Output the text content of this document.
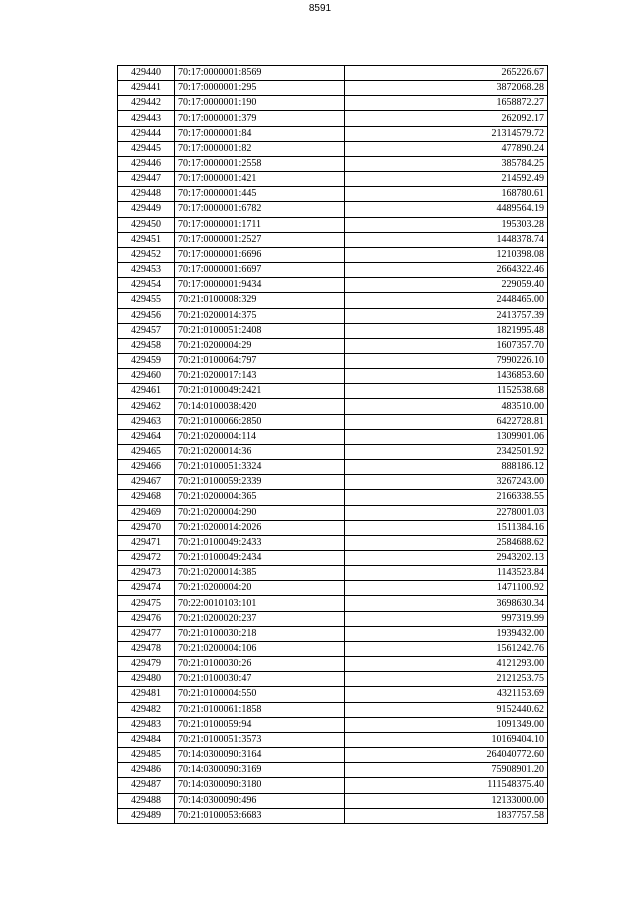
8591
429440	70:17:0000001:8569	265226.67
429441	70:17:0000001:295	3872068.28
429442	70:17:0000001:190	1658872.27
429443	70:17:0000001:379	262092.17
429444	70:17:0000001:84	21314579.72
429445	70:17:0000001:82	477890.24
429446	70:17:0000001:2558	385784.25
429447	70:17:0000001:421	214592.49
429448	70:17:0000001:445	168780.61
429449	70:17:0000001:6782	4489564.19
429450	70:17:0000001:1711	195303.28
429451	70:17:0000001:2527	1448378.74
429452	70:17:0000001:6696	1210398.08
429453	70:17:0000001:6697	2664322.46
429454	70:17:0000001:9434	229059.40
429455	70:21:0100008:329	2448465.00
429456	70:21:0200014:375	2413757.39
429457	70:21:0100051:2408	1821995.48
429458	70:21:0200004:29	1607357.70
429459	70:21:0100064:797	7990226.10
429460	70:21:0200017:143	1436853.60
429461	70:21:0100049:2421	1152538.68
429462	70:14:0100038:420	483510.00
429463	70:21:0100066:2850	6422728.81
429464	70:21:0200004:114	1309901.06
429465	70:21:0200014:36	2342501.92
429466	70:21:0100051:3324	888186.12
429467	70:21:0100059:2339	3267243.00
429468	70:21:0200004:365	2166338.55
429469	70:21:0200004:290	2278001.03
429470	70:21:0200014:2026	1511384.16
429471	70:21:0100049:2433	2584688.62
429472	70:21:0100049:2434	2943202.13
429473	70:21:0200014:385	1143523.84
429474	70:21:0200004:20	1471100.92
429475	70:22:0010103:101	3698630.34
429476	70:21:0200020:237	997319.99
429477	70:21:0100030:218	1939432.00
429478	70:21:0200004:106	1561242.76
429479	70:21:0100030:26	4121293.00
429480	70:21:0100030:47	2121253.75
429481	70:21:0100004:550	4321153.69
429482	70:21:0100061:1858	9152440.62
429483	70:21:0100059:94	1091349.00
429484	70:21:0100051:3573	10169404.10
429485	70:14:0300090:3164	264040772.60
429486	70:14:0300090:3169	75908901.20
429487	70:14:0300090:3180	111548375.40
429488	70:14:0300090:496	12133000.00
429489	70:21:0100053:6683	1837757.58
